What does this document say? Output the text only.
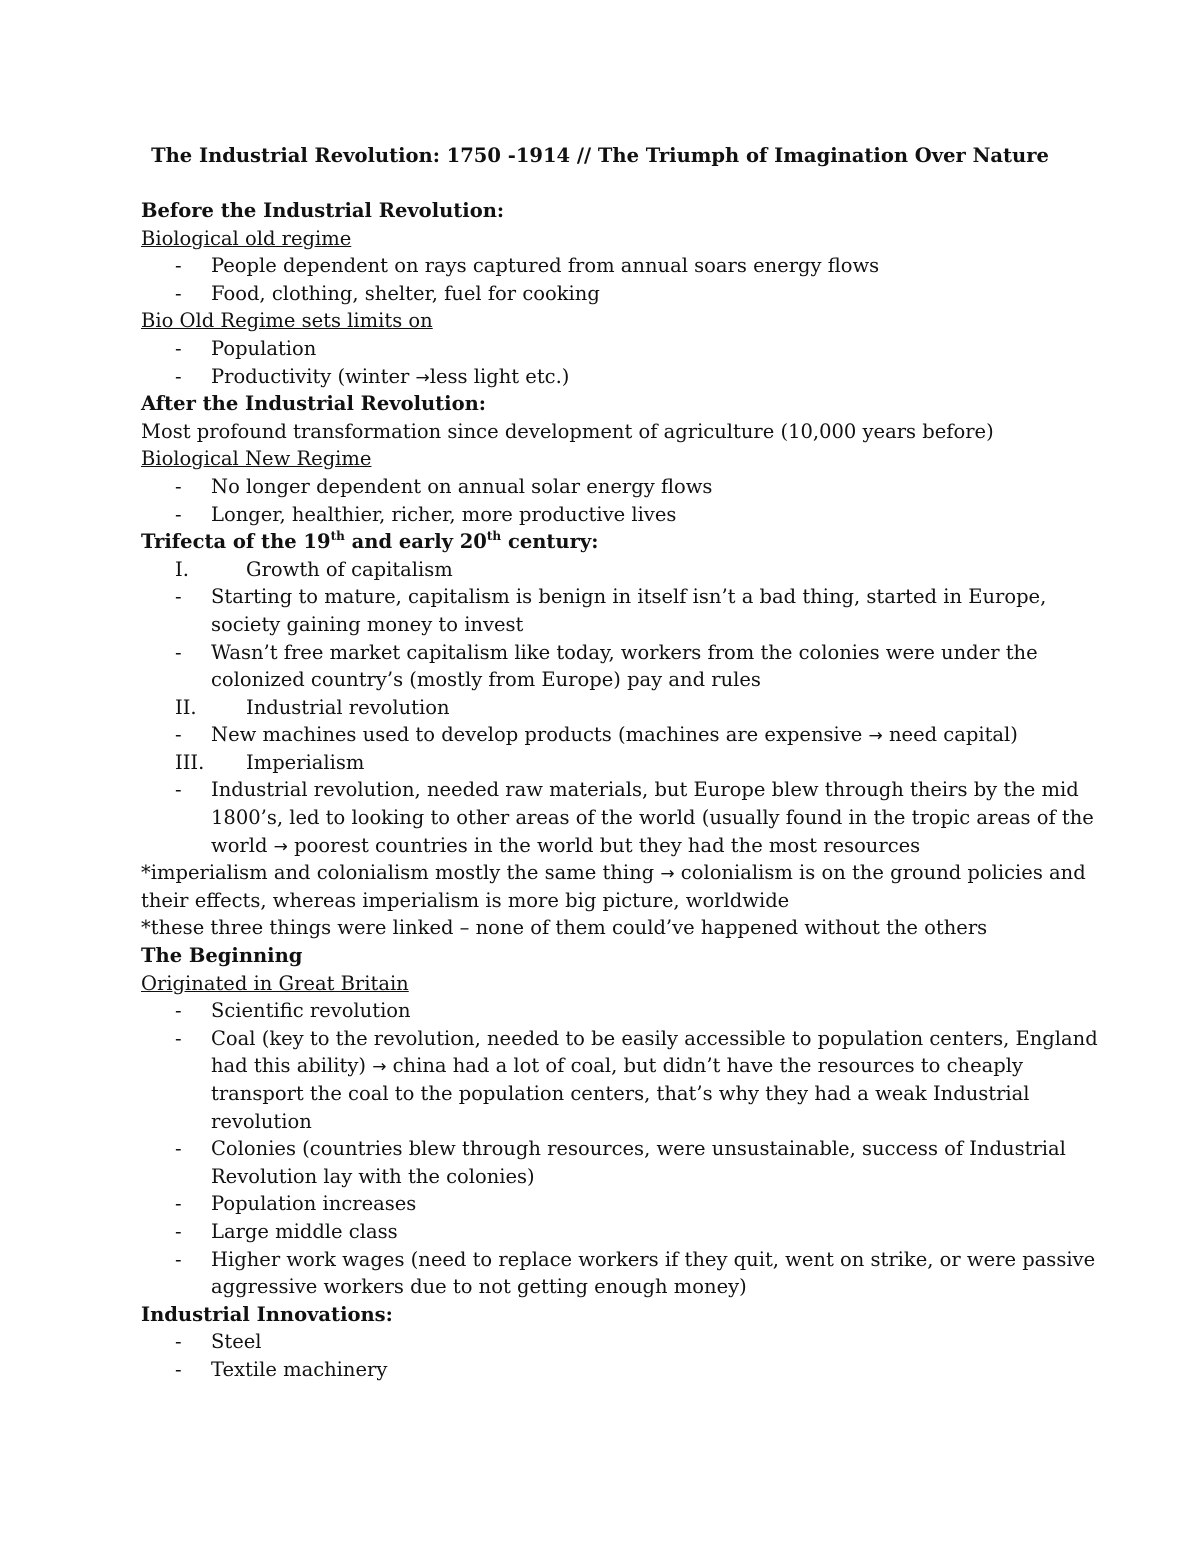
The Industrial Revolution: 1750 -1914 // The Triumph of Imagination Over Nature
Before the Industrial Revolution:
Biological old regime
- People dependent on rays captured from annual soars energy flows
- Food, clothing, shelter, fuel for cooking
Bio Old Regime sets limits on
- Population
- Productivity (winter →less light etc.)
After the Industrial Revolution:
Most profound transformation since development of agriculture (10,000 years before)
Biological New Regime
- No longer dependent on annual solar energy flows
- Longer, healthier, richer, more productive lives
Trifecta of the 19th and early 20th century:
I.	Growth of capitalism
- Starting to mature, capitalism is benign in itself isn’t a bad thing, started in Europe,
society gaining money to invest
- Wasn’t free market capitalism like today, workers from the colonies were under the
colonized country’s (mostly from Europe) pay and rules
II.	Industrial revolution
- New machines used to develop products (machines are expensive → need capital)
III. Imperialism
- Industrial revolution, needed raw materials, but Europe blew through theirs by the mid
1800’s, led to looking to other areas of the world (usually found in the tropic areas of the
world → poorest countries in the world but they had the most resources
*imperialism and colonialism mostly the same thing → colonialism is on the ground policies and
their effects, whereas imperialism is more big picture, worldwide
*these three things were linked – none of them could’ve happened without the others
The Beginning
Originated in Great Britain
- Scientific revolution
- Coal (key to the revolution, needed to be easily accessible to population centers, England
had this ability) → china had a lot of coal, but didn’t have the resources to cheaply
transport the coal to the population centers, that’s why they had a weak Industrial
revolution
- Colonies (countries blew through resources, were unsustainable, success of Industrial
Revolution lay with the colonies)
- Population increases
- Large middle class
- Higher work wages (need to replace workers if they quit, went on strike, or were passive
aggressive workers due to not getting enough money)
Industrial Innovations:
- Steel
- Textile machinery
